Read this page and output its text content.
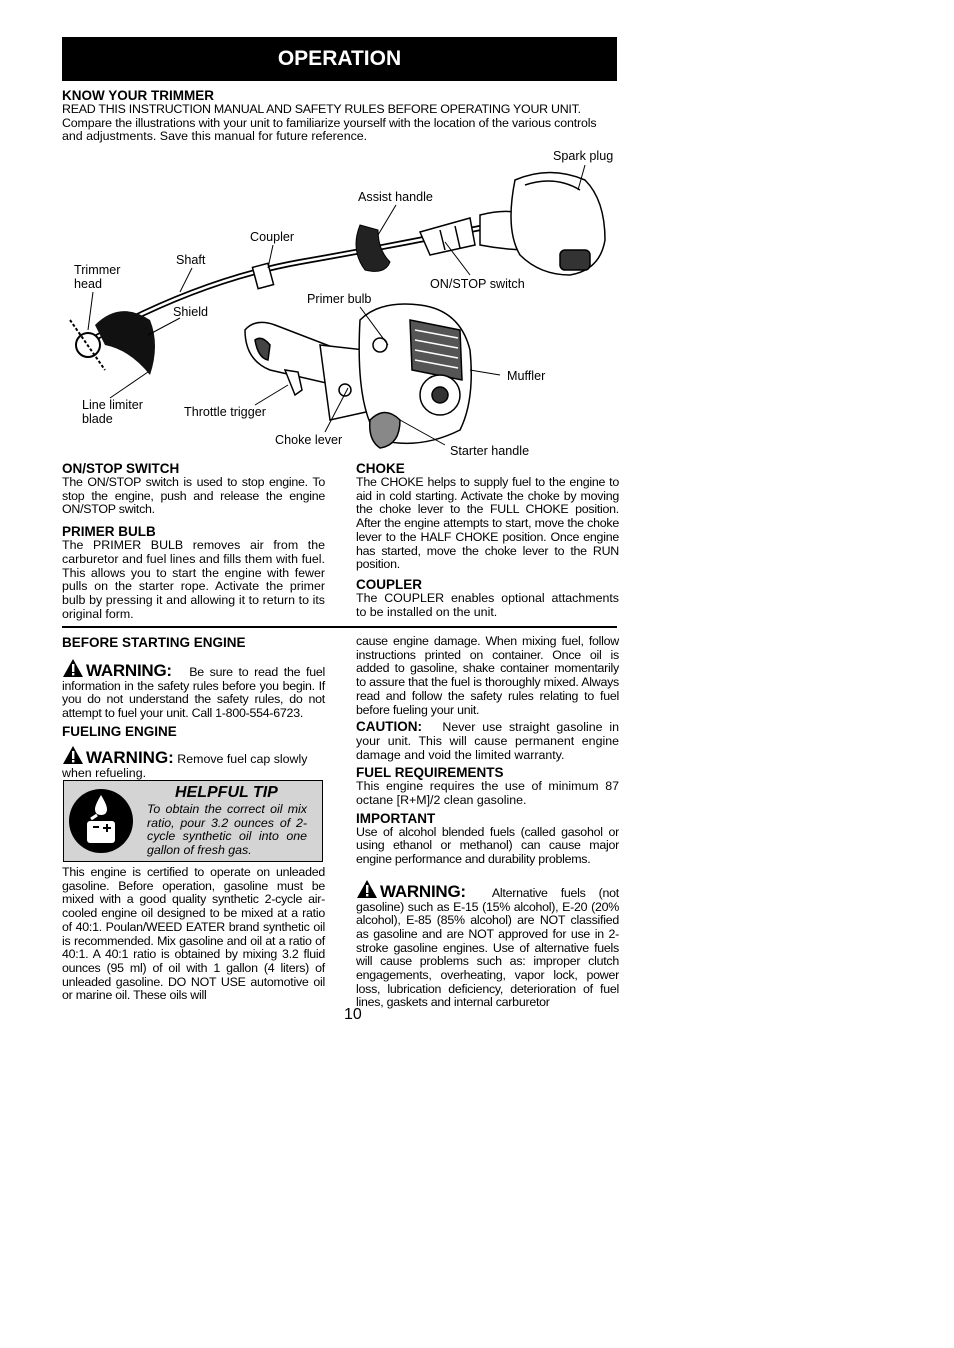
OPERATION
KNOW YOUR TRIMMER
READ THIS INSTRUCTION MANUAL AND SAFETY RULES BEFORE OPERATING YOUR UNIT.
Compare the illustrations with your unit to familiarize yourself with the location of the various controls
and adjustments. Save this manual for future reference.
Spark plug
Assist handle
Coupler
Shaft
Trimmer
head	ON/STOP switch
Primer bulb
Shield
Muffler
Line limiter
blade	Throttle trigger
Choke lever
Starter handle
ON/STOP SWITCH
The ON/STOP switch is used to stop engine. To stop the engine, push and release the engine ON/STOP switch.
PRIMER BULB
The PRIMER BULB removes air from the carburetor and fuel lines and fills them with fuel. This allows you to start the engine with fewer pulls on the starter rope. Activate the primer bulb by pressing it and allowing it to return to its original form.
CHOKE
The CHOKE helps to supply fuel to the engine to aid in cold starting. Activate the choke by moving the choke lever to the FULL CHOKE position. After the engine attempts to start, move the choke lever to the HALF CHOKE position. Once engine has started, move the choke lever to the RUN position.
COUPLER
The COUPLER enables optional attachments to be installed on the unit.
BEFORE STARTING ENGINE
WARNING: Be sure to read the fuel information in the safety rules before you begin. If you do not understand the safety rules, do not attempt to fuel your unit. Call 1-800-554-6723.
FUELING ENGINE
WARNING: Remove fuel cap slowly when refueling.
HELPFUL TIP
To obtain the correct oil mix ratio, pour 3.2 ounces of 2-cycle synthetic oil into one gallon of fresh gas.
This engine is certified to operate on unleaded gasoline. Before operation, gasoline must be mixed with a good quality synthetic 2-cycle air-cooled engine oil designed to be mixed at a ratio of 40:1. Poulan/WEED EATER brand synthetic oil is recommended. Mix gasoline and oil at a ratio of 40:1. A 40:1 ratio is obtained by mixing 3.2 fluid ounces (95 ml) of oil with 1 gallon (4 liters) of unleaded gasoline. DO NOT USE automotive oil or marine oil. These oils will
cause engine damage. When mixing fuel, follow instructions printed on container. Once oil is added to gasoline, shake container momentarily to assure that the fuel is thoroughly mixed. Always read and follow the safety rules relating to fuel before fueling your unit.
CAUTION: Never use straight gasoline in your unit. This will cause permanent engine damage and void the limited warranty.
FUEL REQUIREMENTS
This engine requires the use of minimum 87 octane [R+M]/2 clean gasoline.
IMPORTANT
Use of alcohol blended fuels (called gasohol or using ethanol or methanol) can cause major engine performance and durability problems.
WARNING: Alternative fuels (not gasoline) such as E-15 (15% alcohol), E-20 (20% alcohol), E-85 (85% alcohol) are NOT classified as gasoline and are NOT approved for use in 2-stroke gasoline engines. Use of alternative fuels will cause problems such as: improper clutch engagements, overheating, vapor lock, power loss, lubrication deficiency, deterioration of fuel lines, gaskets and internal carburetor
10
